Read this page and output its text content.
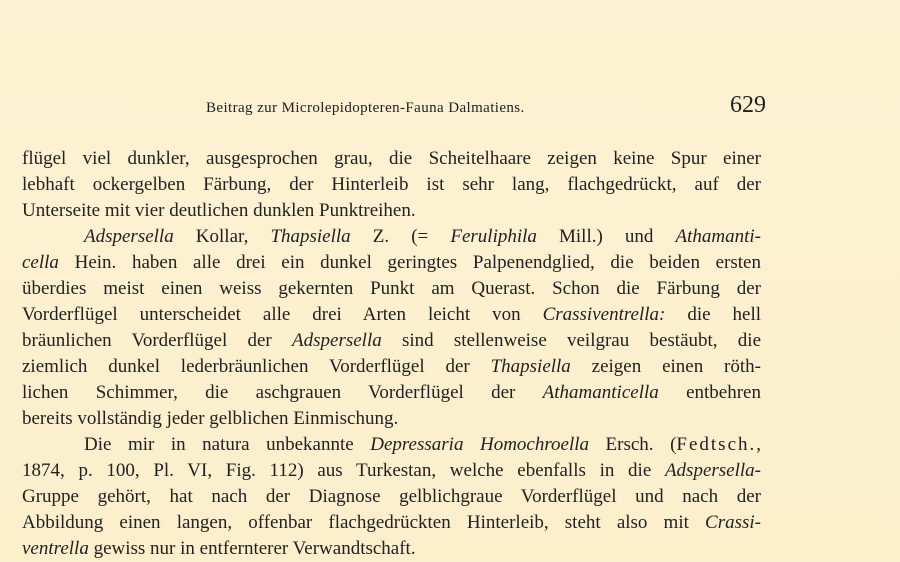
Beitrag zur Microlepidopteren-Fauna Dalmatiens.	629
flügel viel dunkler, ausgesprochen grau, die Scheitelhaare zeigen keine Spur einer
lebhaft ockergelben Färbung, der Hinterleib ist sehr lang, flachgedrückt, auf der
Unterseite mit vier deutlichen dunklen Punktreihen.
Adspersella Kollar, Thapsiella Z. (= Feruliphila Mill.) und Athamanti-
cella Hein. haben alle drei ein dunkel geringtes Palpenendglied, die beiden ersten
überdies meist einen weiss gekernten Punkt am Querast. Schon die Färbung der
Vorderflügel unterscheidet alle drei Arten leicht von Crassiventrella: die hell
bräunlichen Vorderflügel der Adspersella sind stellenweise veilgrau bestäubt, die
ziemlich dunkel lederbräunlichen Vorderflügel der Thapsiella zeigen einen röth-
lichen Schimmer, die aschgrauen Vorderflügel der Athamanticella entbehren
bereits vollständig jeder gelblichen Einmischung.
Die mir in natura unbekannte Depressaria Homochroella Ersch. (Fedtsch.,
1874, p. 100, Pl. VI, Fig. 112) aus Turkestan, welche ebenfalls in die Adspersella-
Gruppe gehört, hat nach der Diagnose gelblichgraue Vorderflügel und nach der
Abbildung einen langen, offenbar flachgedrückten Hinterleib, steht also mit Crassi-
ventrella gewiss nur in entfernterer Verwandtschaft.
